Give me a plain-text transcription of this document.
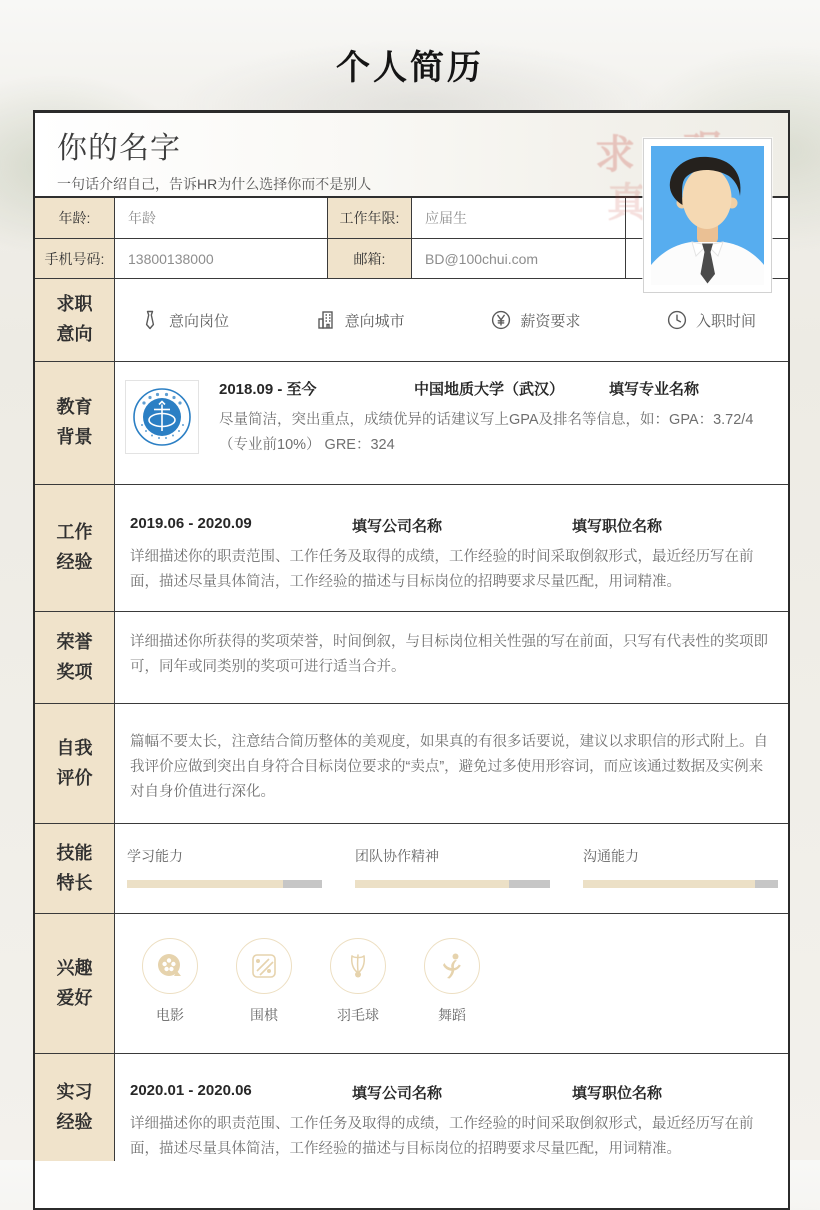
个人简历
你的名字
一句话介绍自己，告诉HR为什么选择你而不是别人
求
真
年龄:	年龄	工作年限:	应届生
手机号码:	13800138000	邮箱:	BD@100chui.com
求职意向
意向岗位	意向城市	薪资要求	入职时间
教育背景
2018.09 - 至今	中国地质大学（武汉）	填写专业名称

尽量简洁，突出重点，成绩优异的话建议写上GPA及排名等信息，如：GPA：3.72/4（专业前10%） GRE：324

工作经验
2019.06 - 2020.09	填写公司名称	填写职位名称

详细描述你的职责范围、工作任务及取得的成绩，工作经验的时间采取倒叙形式，最近经历写在前面，描述尽量具体简洁，工作经验的描述与目标岗位的招聘要求尽量匹配，用词精准。

荣誉奖项

详细描述你所获得的奖项荣誉，时间倒叙，与目标岗位相关性强的写在前面，只写有代表性的奖项即可，同年或同类别的奖项可进行适当合并。

自我评价

篇幅不要太长，注意结合简历整体的美观度，如果真的有很多话要说，建议以求职信的形式附上。自我评价应做到突出自身符合目标岗位要求的“卖点”，避免过多使用形容词，而应该通过数据及实例来对自身价值进行深化。

技能特长
学习能力	团队协作精神	沟通能力
兴趣爱好
电影	围棋	羽毛球	舞蹈
实习经验
2020.01 - 2020.06	填写公司名称	填写职位名称

详细描述你的职责范围、工作任务及取得的成绩，工作经验的时间采取倒叙形式，最近经历写在前面，描述尽量具体简洁，工作经验的描述与目标岗位的招聘要求尽量匹配，用词精准。
